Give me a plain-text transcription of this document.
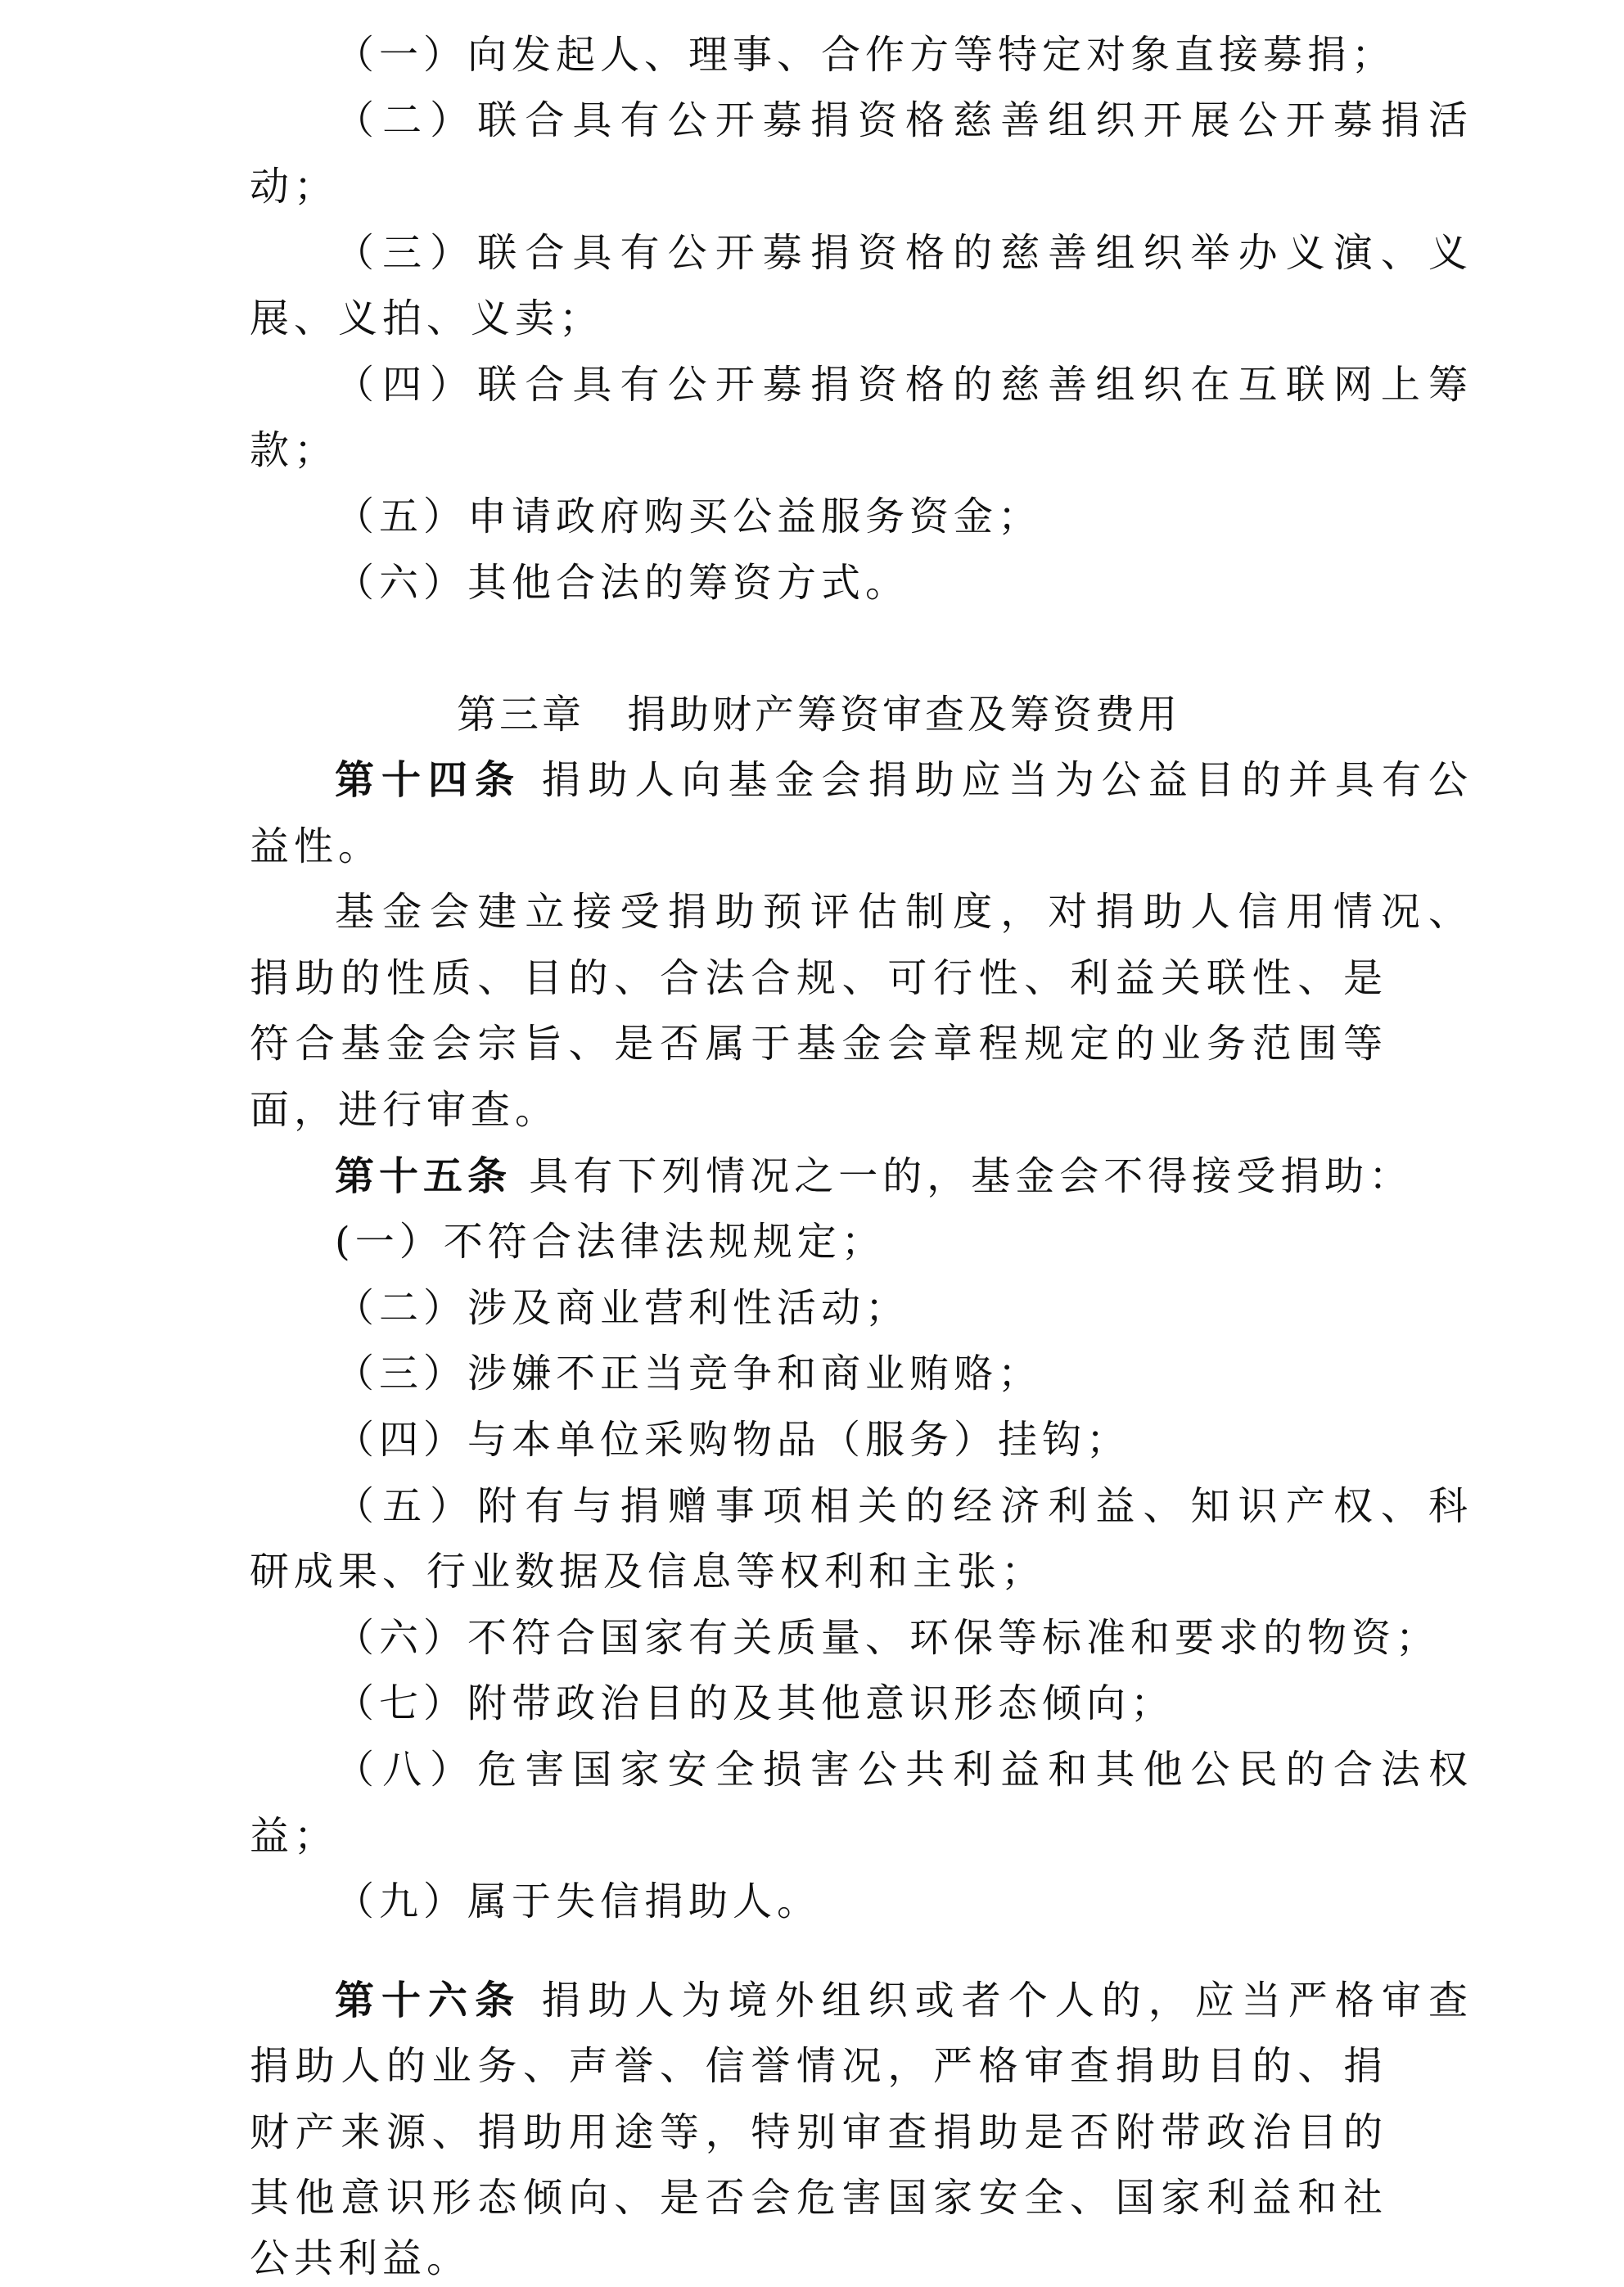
（一）向发起人、理事、合作方等特定对象直接募捐；
（二）联合具有公开募捐资格慈善组织开展公开募捐活
动；
（三）联合具有公开募捐资格的慈善组织举办义演、义
展、义拍、义卖；
（四）联合具有公开募捐资格的慈善组织在互联网上筹
款；
（五）申请政府购买公益服务资金；
（六）其他合法的筹资方式。
第三章　捐助财产筹资审查及筹资费用
第十四条 捐助人向基金会捐助应当为公益目的并具有公
益性。
基金会建立接受捐助预评估制度，对捐助人信用情况、
捐助的性质、目的、合法合规、可行性、利益关联性、是
符合基金会宗旨、是否属于基金会章程规定的业务范围等
面，进行审查。
第十五条 具有下列情况之一的，基金会不得接受捐助：
(一）不符合法律法规规定；
（二）涉及商业营利性活动；
（三）涉嫌不正当竞争和商业贿赂；
（四）与本单位采购物品（服务）挂钩；
（五）附有与捐赠事项相关的经济利益、知识产权、科
研成果、行业数据及信息等权利和主张；
（六）不符合国家有关质量、环保等标准和要求的物资；
（七）附带政治目的及其他意识形态倾向；
（八）危害国家安全损害公共利益和其他公民的合法权
益；
（九）属于失信捐助人。
第十六条 捐助人为境外组织或者个人的，应当严格审查
捐助人的业务、声誉、信誉情况，严格审查捐助目的、捐
财产来源、捐助用途等，特别审查捐助是否附带政治目的
其他意识形态倾向、是否会危害国家安全、国家利益和社
公共利益。
